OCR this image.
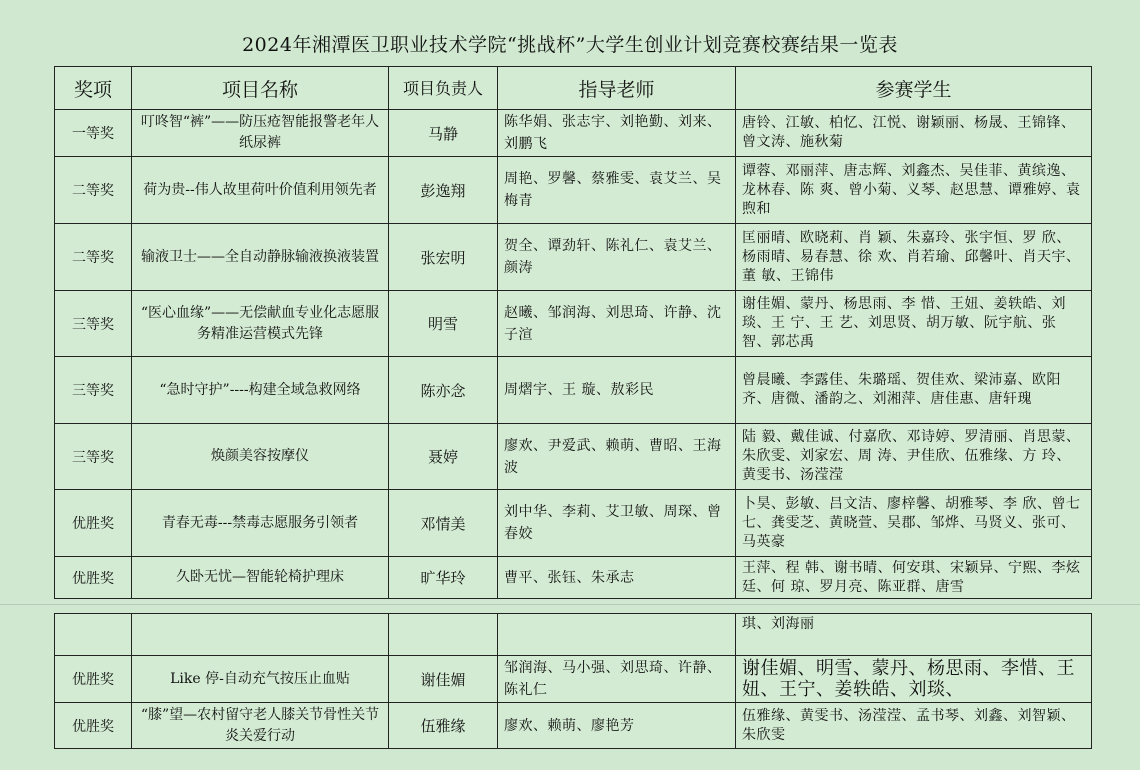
2024年湘潭医卫职业技术学院“挑战杯”大学生创业计划竞赛校赛结果一览表
奖项	项目名称	项目负责人	指导老师	参赛学生
一等奖	叮咚智“裤”——防压疮智能报警老年人纸尿裤	马静	陈华娟、张志宇、刘艳勤、刘来、刘鹏飞	唐铃、江敏、柏忆、江悦、谢颖丽、杨晟、王锦锋、曾文涛、施秋菊
二等奖	荷为贵--伟人故里荷叶价值利用领先者	彭逸翔	周艳、罗馨、蔡雅雯、袁艾兰、吴梅青	谭蓉、邓丽萍、唐志辉、刘鑫杰、吴佳菲、黄缤逸、龙林春、陈 爽、曾小菊、义琴、赵思慧、谭雅婷、袁煦和
二等奖	输液卫士——全自动静脉输液换液装置	张宏明	贺全、谭劲轩、陈礼仁、袁艾兰、颜涛	匡丽晴、欧晓莉、肖 颖、朱嘉玲、张宇恒、罗 欣、杨雨晴、易春慧、徐 欢、肖若瑜、邱馨叶、肖天宇、董 敏、王锦伟
三等奖	“医心血缘”——无偿献血专业化志愿服务精准运营模式先锋	明雪	赵曦、邹润海、刘思琦、许静、沈子渲	谢佳媚、蒙丹、杨思雨、李 惜、王妞、姜轶皓、刘琰、王 宁、王 艺、刘思贤、胡万敏、阮宇航、张智、郭芯禹
三等奖	“急时守护”----构建全域急救网络	陈亦念	周熠宇、王 璇、敖彩民	曾晨曦、李露佳、朱璐瑶、贺佳欢、梁沛嘉、欧阳齐、唐微、潘韵之、刘湘萍、唐佳惠、唐轩瑰
三等奖	焕颜美容按摩仪	聂婷	廖欢、尹爱武、赖萌、曹昭、王海波	陆 毅、戴佳诚、付嘉欣、邓诗婷、罗清丽、肖思蒙、朱欣雯、刘家宏、周 涛、尹佳欣、伍雅缘、方 玲、黄雯书、汤滢滢
优胜奖	青春无毒---禁毒志愿服务引领者	邓情美	刘中华、李莉、艾卫敏、周琛、曾春姣	卜昊、彭敏、吕文洁、廖梓馨、胡雅琴、李 欣、曾七七、龚雯芝、黄晓萱、吴郡、邹烨、马贤义、张可、马英豪
优胜奖	久卧无忧—智能轮椅护理床	旷华玲	曹平、张钰、朱承志	王萍、程 韩、谢书晴、何安琪、宋颖异、宁熙、李炫廷、何 琼、罗月亮、陈亚群、唐雪
				琪、刘海丽
优胜奖	Like 停-自动充气按压止血贴	谢佳媚	邹润海、马小强、刘思琦、许静、陈礼仁	谢佳媚、明雪、蒙丹、杨思雨、李惜、王妞、王宁、姜轶皓、刘琰、
优胜奖	“膝”望—农村留守老人膝关节骨性关节炎关爱行动	伍雅缘	廖欢、赖萌、廖艳芳	伍雅缘、黄雯书、汤滢滢、孟书琴、刘鑫、刘智颖、朱欣雯
